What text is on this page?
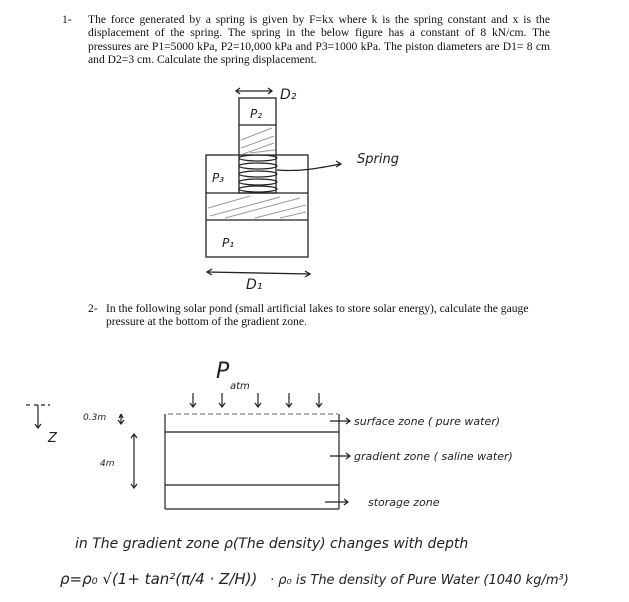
1- The force generated by a spring is given by F=kx where k is the spring constant and x is the displacement of the spring. The spring in the below figure has a constant of 8 kN/cm. The pressures are P1=5000 kPa, P2=10,000 kPa and P3=1000 kPa. The piston diameters are D1= 8 cm and D2=3 cm. Calculate the spring displacement.
D₂
P₂
P₃
P₁
D₁
Spring
P
atm
0.3m
4m
Z
surface zone ( pure water)
gradient zone ( saline water)
storage zone
in The gradient zone ρ(The density) changes with depth
ρ=ρ₀ √(1+ tan²(π/4 · Z/H)) · ρ₀ is The density of Pure Water (1040 kg/m³)
2- In the following solar pond (small artificial lakes to store solar energy), calculate the gauge pressure at the bottom of the gradient zone.
